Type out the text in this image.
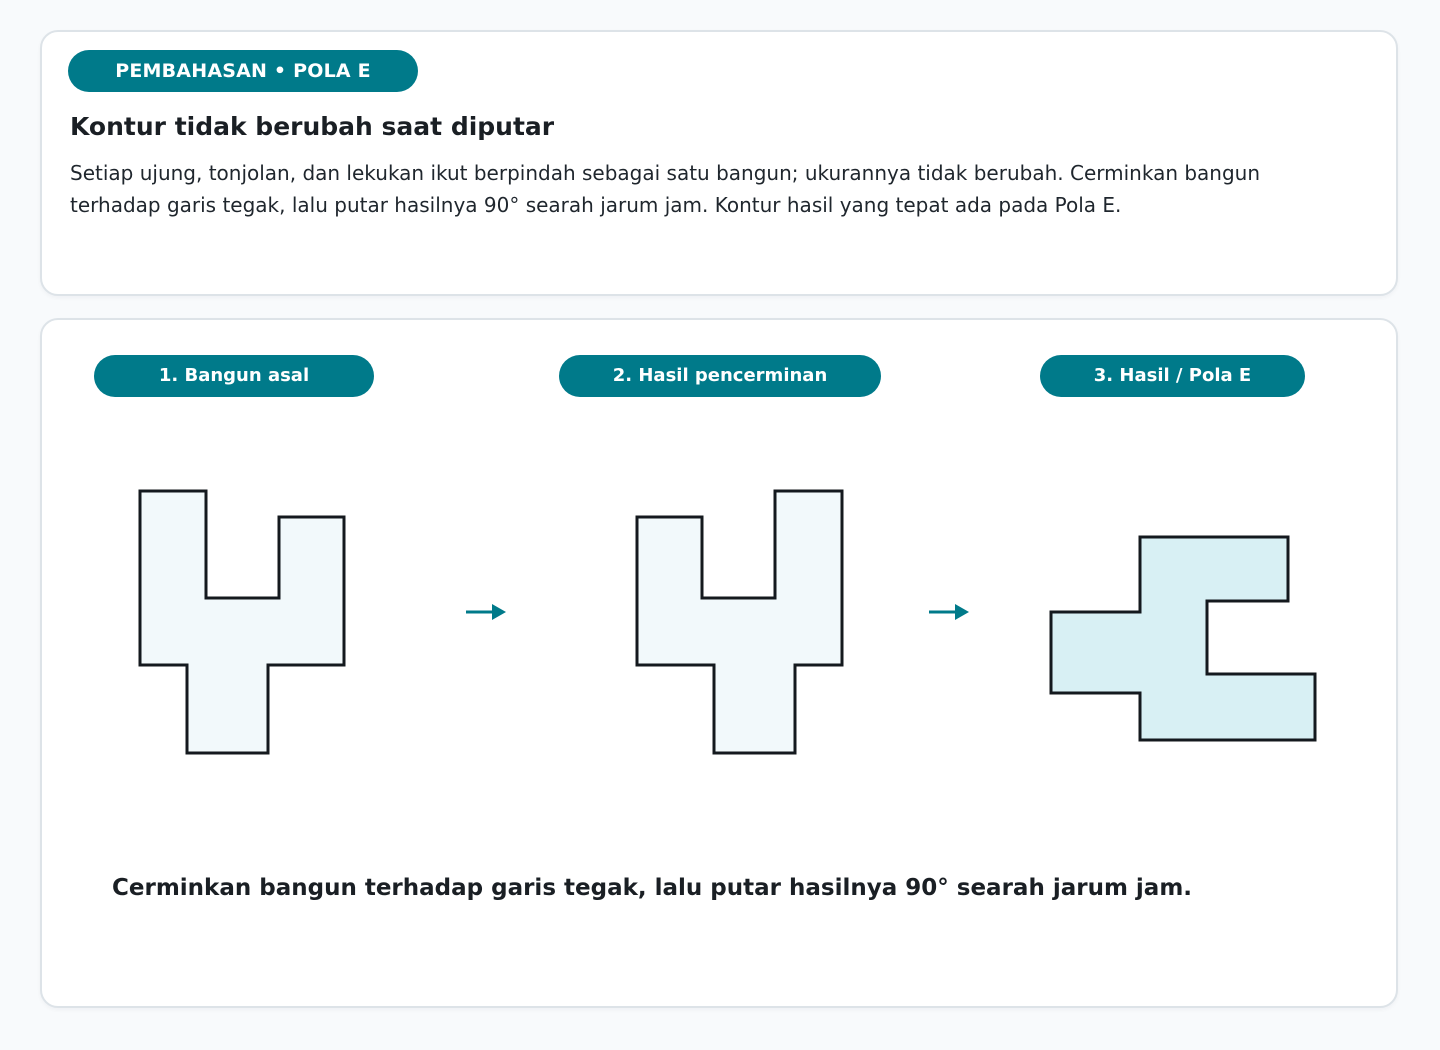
PEMBAHASAN • POLA E
Kontur tidak berubah saat diputar

Setiap ujung, tonjolan, dan lekukan ikut berpindah sebagai satu bangun; ukurannya tidak berubah. Cerminkan bangun terhadap garis tegak, lalu putar hasilnya 90° searah jarum jam. Kontur hasil yang tepat ada pada Pola E.

1. Bangun asal	2. Hasil pencerminan	3. Hasil / Pola E

Cerminkan bangun terhadap garis tegak, lalu putar hasilnya 90° searah jarum jam.
